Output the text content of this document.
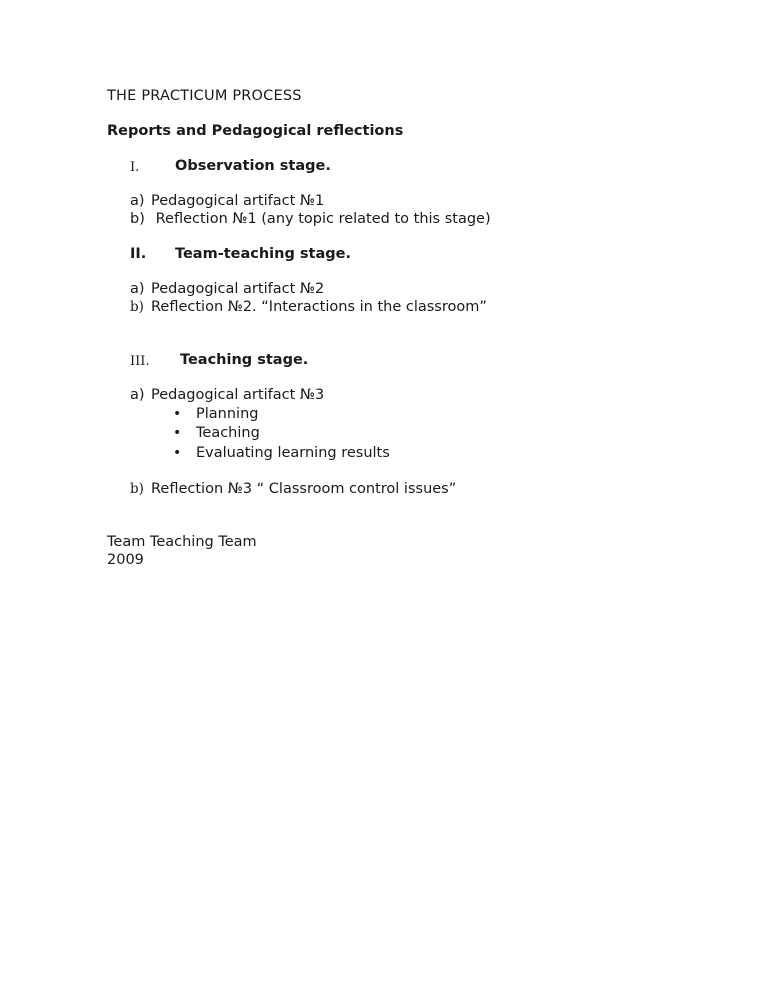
THE PRACTICUM PROCESS
Reports and Pedagogical reflections
I. Observation stage.
a) Pedagogical artifact №1
b) Reflection №1 (any topic related to this stage)
II. Team-teaching stage.
a) Pedagogical artifact №2
b) Reflection №2. “Interactions in the classroom”
III. Teaching stage.
a) Pedagogical artifact №3
• Planning
• Teaching
• Evaluating learning results
b) Reflection №3 “ Classroom control issues”
Team Teaching Team
2009
